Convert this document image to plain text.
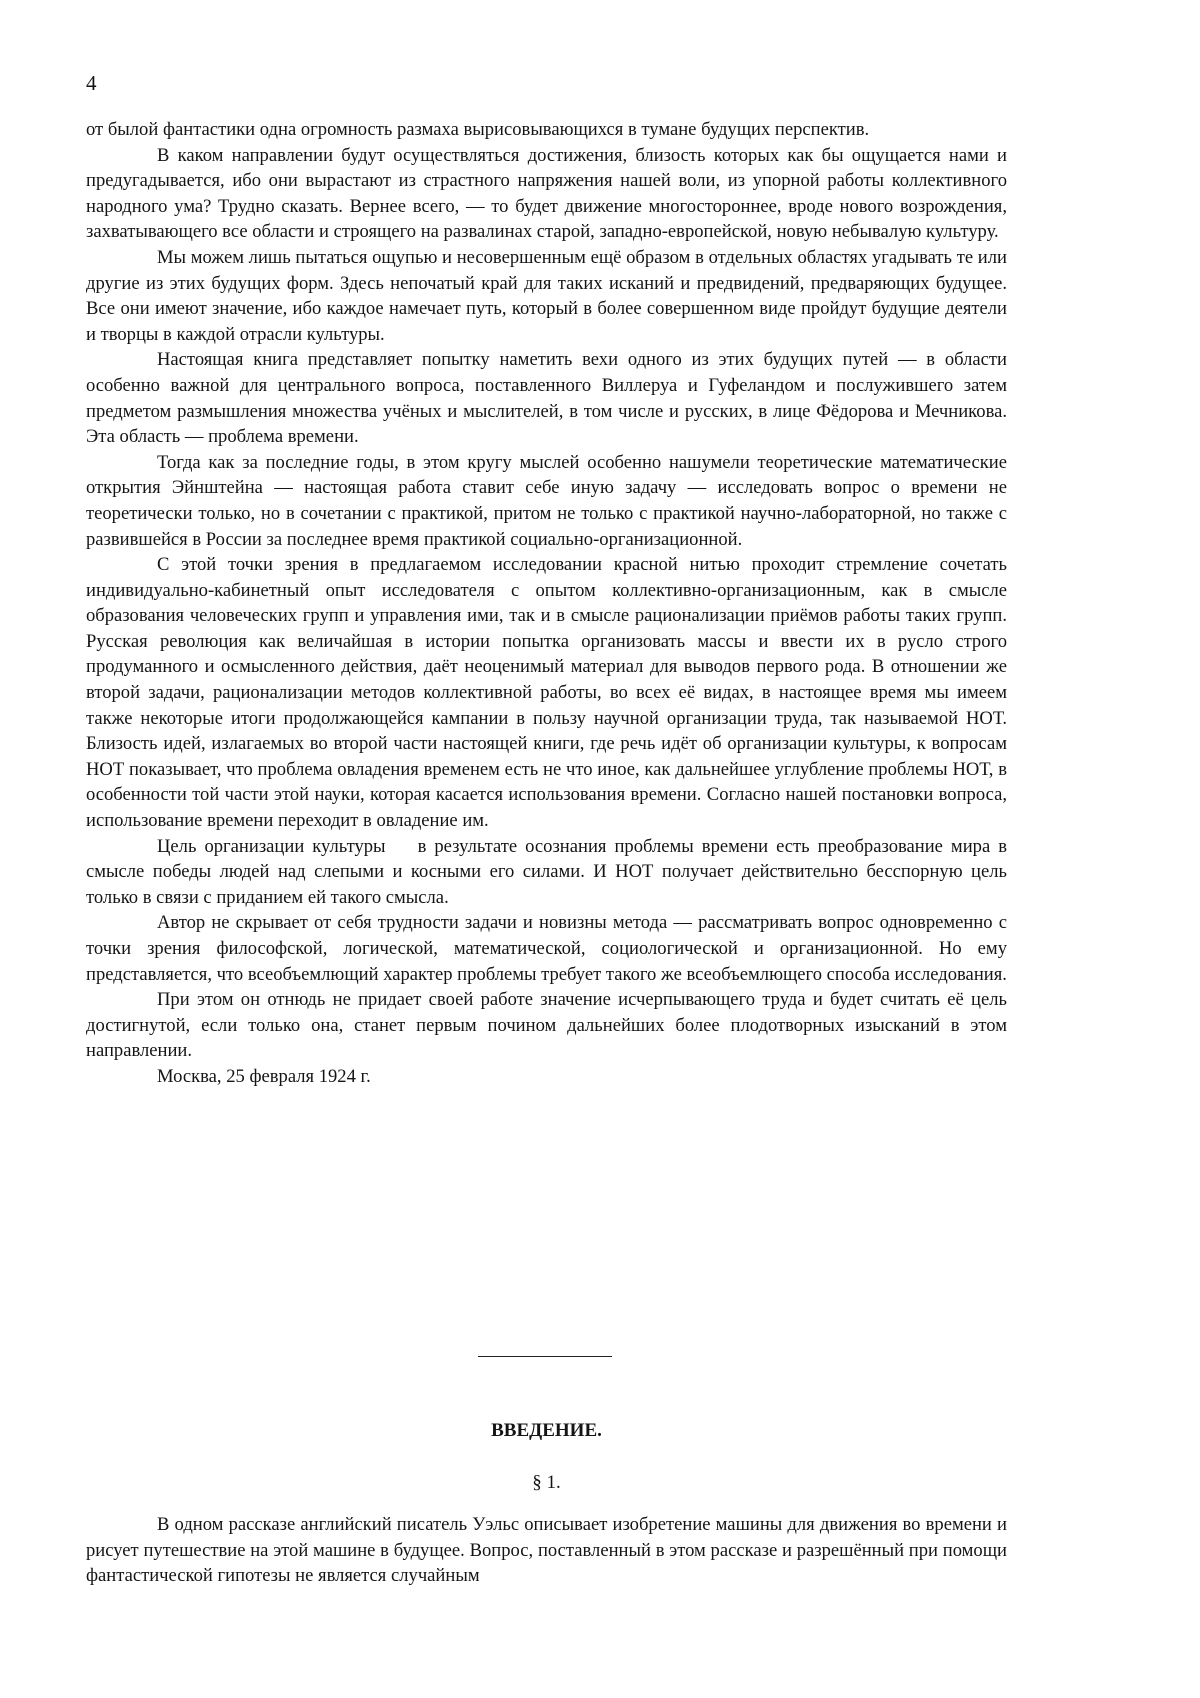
4

от былой фантастики одна огромность размаха вырисовывающихся в тумане будущих перспектив.

В каком направлении будут осуществляться достижения, близость которых как бы ощущается нами и предугадывается, ибо они вырастают из страстного напряжения нашей воли, из упорной работы коллективного народного ума? Трудно сказать. Вернее всего, — то будет движение многостороннее, вроде нового возрождения, захватывающего все области и строящего на развалинах старой, западно-европейской, новую небывалую культуру.

Мы можем лишь пытаться ощупью и несовершенным ещё образом в отдельных областях угадывать те или другие из этих будущих форм. Здесь непочатый край для таких исканий и предвидений, предваряющих будущее. Все они имеют значение, ибо каждое намечает путь, который в более совершенном виде пройдут будущие деятели и творцы в каждой отрасли культуры.

Настоящая книга представляет попытку наметить вехи одного из этих будущих путей — в области особенно важной для центрального вопроса, поставленного Виллеруа и Гуфеландом и послужившего затем предметом размышления множества учёных и мыслителей, в том числе и русских, в лице Фёдорова и Мечникова. Эта область — проблема времени.

Тогда как за последние годы, в этом кругу мыслей особенно нашумели теоретические математические открытия Эйнштейна — настоящая работа ставит себе иную задачу — исследовать вопрос о времени не теоретически только, но в сочетании с практикой, притом не только с практикой научно-лабораторной, но также с развившейся в России за последнее время практикой социально-организационной.

С этой точки зрения в предлагаемом исследовании красной нитью проходит стремление сочетать индивидуально-кабинетный опыт исследователя с опытом коллективно-организационным, как в смысле образования человеческих групп и управления ими, так и в смысле рационализации приёмов работы таких групп. Русская революция как величайшая в истории попытка организовать массы и ввести их в русло строго продуманного и осмысленного действия, даёт неоценимый материал для выводов первого рода. В отношении же второй задачи, рационализации методов коллективной работы, во всех её видах, в настоящее время мы имеем также некоторые итоги продолжающейся кампании в пользу научной организации труда, так называемой НОТ. Близость идей, излагаемых во второй части настоящей книги, где речь идёт об организации культуры, к вопросам НОТ показывает, что проблема овладения временем есть не что иное, как дальнейшее углубление проблемы НОТ, в особенности той части этой науки, которая касается использования времени. Согласно нашей постановки вопроса, использование времени переходит в овладение им.

Цель организации культуры    в результате осознания проблемы времени есть преобразование мира в смысле победы людей над слепыми и косными его силами. И НОТ получает действительно бесспорную цель только в связи с приданием ей такого смысла.

Автор не скрывает от себя трудности задачи и новизны метода — рассматривать вопрос одновременно с точки зрения философской, логической, математической, социологической и организационной. Но ему представляется, что всеобъемлющий характер проблемы требует такого же всеобъемлющего способа исследования.

При этом он отнюдь не придает своей работе значение исчерпывающего труда и будет считать её цель достигнутой, если только она, станет первым почином дальнейших более плодотворных изысканий в этом направлении.

Москва, 25 февраля 1924 г.

ВВЕДЕНИЕ.
§ 1.

В одном рассказе английский писатель Уэльс описывает изобретение машины для движения во времени и рисует путешествие на этой машине в будущее. Вопрос, поставленный в этом рассказе и разрешённый при помощи фантастической гипотезы не является случайным
